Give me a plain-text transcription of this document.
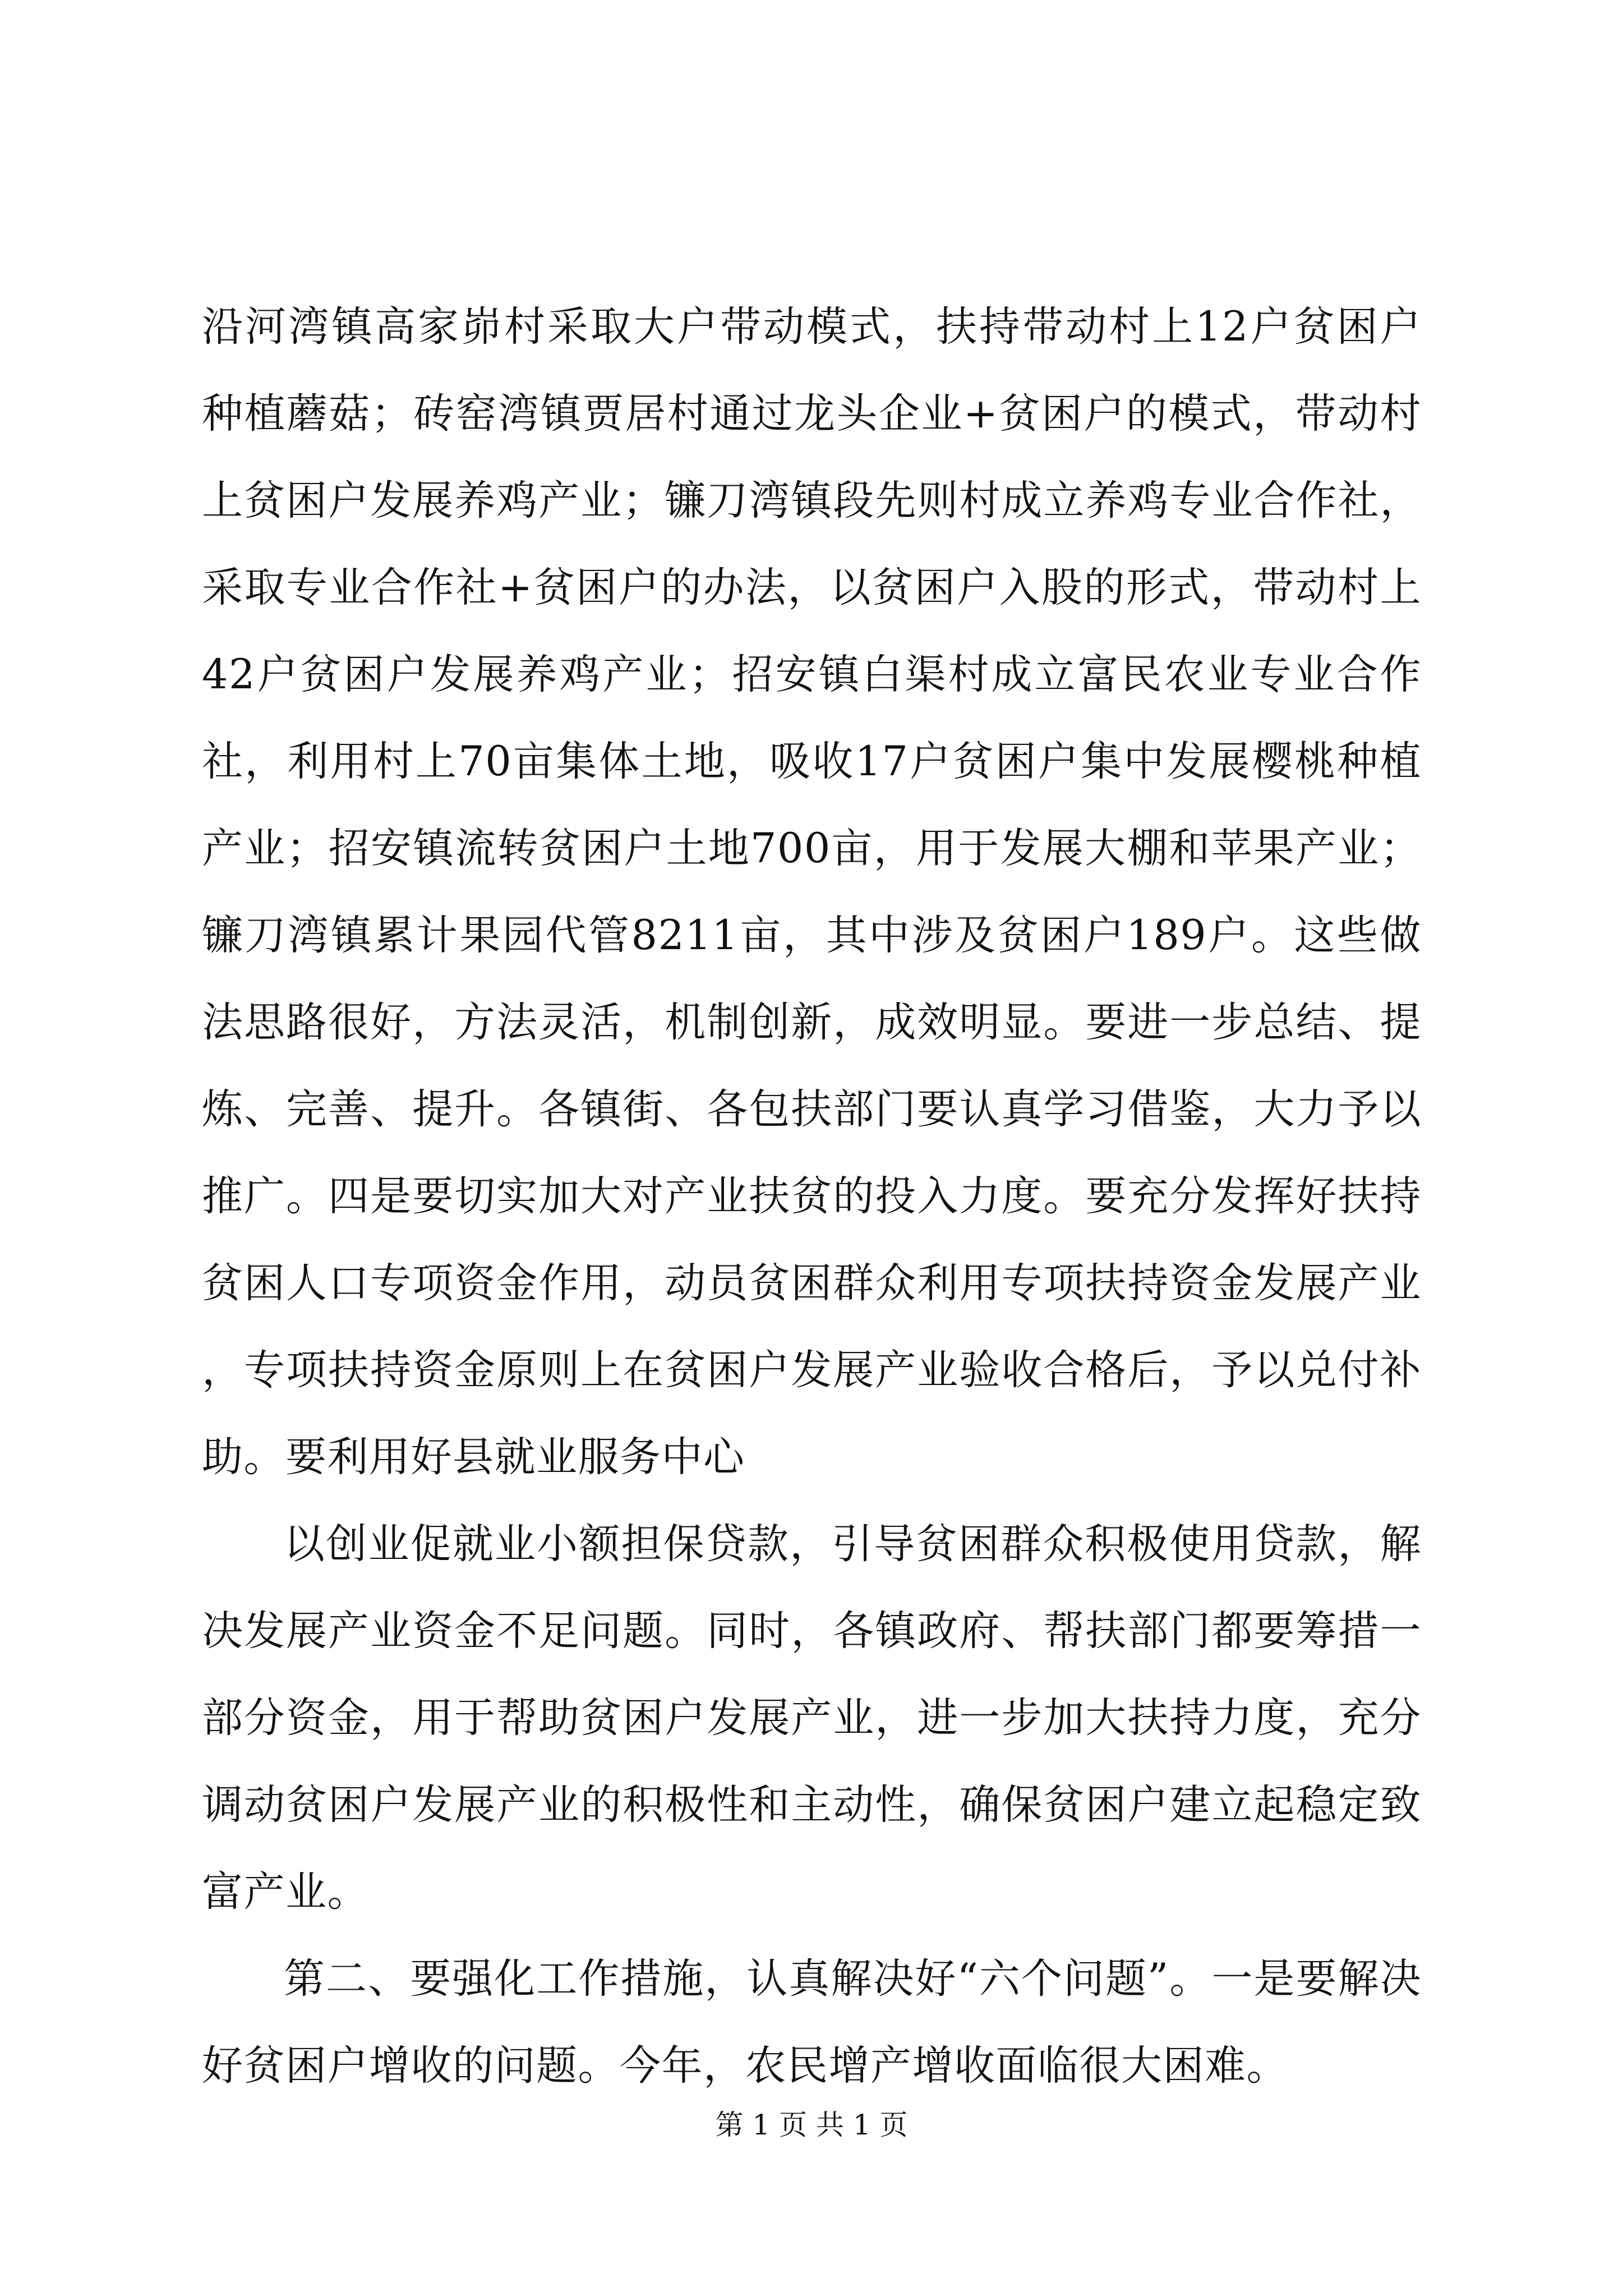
沿河湾镇高家峁村采取大户带动模式，扶持带动村上12户贫困户种植蘑菇；砖窑湾镇贾居村通过龙头企业+贫困户的模式，带动村上贫困户发展养鸡产业；镰刀湾镇段先则村成立养鸡专业合作社，采取专业合作社+贫困户的办法，以贫困户入股的形式，带动村上42户贫困户发展养鸡产业；招安镇白渠村成立富民农业专业合作社，利用村上70亩集体土地，吸收17户贫困户集中发展樱桃种植产业；招安镇流转贫困户土地700亩，用于发展大棚和苹果产业；镰刀湾镇累计果园代管8211亩，其中涉及贫困户189户。这些做法思路很好，方法灵活，机制创新，成效明显。要进一步总结、提炼、完善、提升。各镇街、各包扶部门要认真学习借鉴，大力予以推广。四是要切实加大对产业扶贫的投入力度。要充分发挥好扶持贫困人口专项资金作用，动员贫困群众利用专项扶持资金发展产业，专项扶持资金原则上在贫困户发展产业验收合格后，予以兑付补助。要利用好县就业服务中心

以创业促就业小额担保贷款，引导贫困群众积极使用贷款，解决发展产业资金不足问题。同时，各镇政府、帮扶部门都要筹措一部分资金，用于帮助贫困户发展产业，进一步加大扶持力度，充分调动贫困户发展产业的积极性和主动性，确保贫困户建立起稳定致富产业。

第二、要强化工作措施，认真解决好“六个问题”。一是要解决好贫困户增收的问题。今年，农民增产增收面临很大困难。

第 1 页 共 1 页
